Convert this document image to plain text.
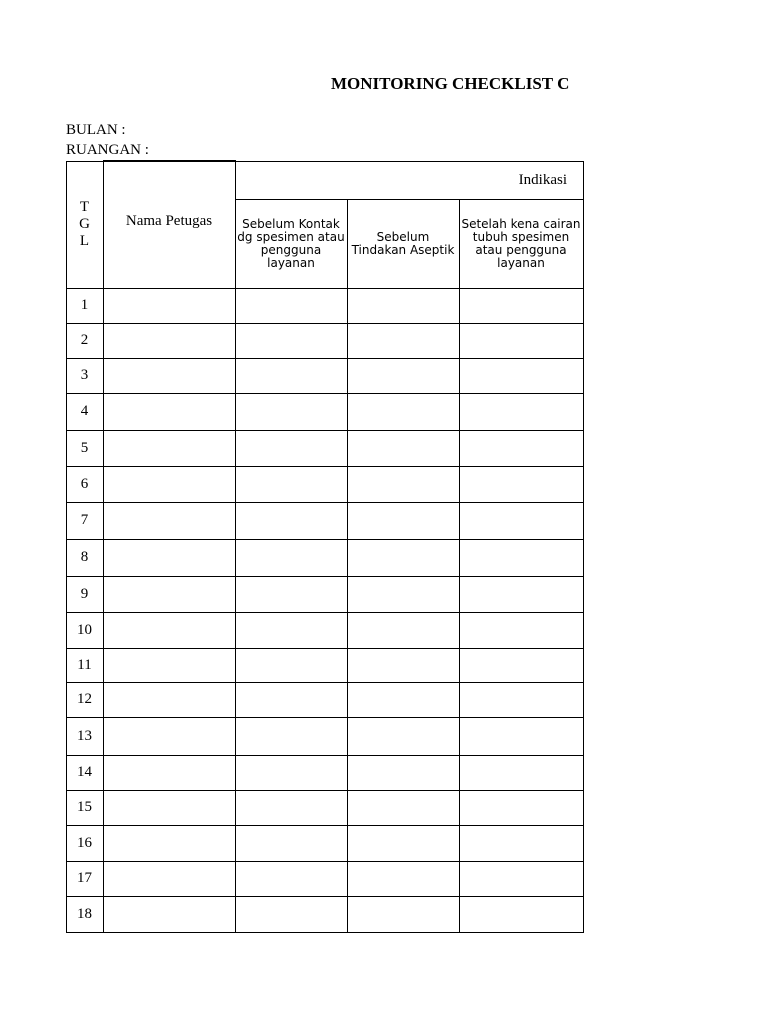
MONITORING CHECKLIST C
BULAN :
RUANGAN :
T
G
L
Nama Petugas
Indikasi
Sebelum Kontak dg spesimen atau pengguna layanan
Sebelum Tindakan Aseptik
Setelah kena cairan tubuh spesimen atau pengguna layanan
1
2
3
4
5
6
7
8
9
10
11
12
13
14
15
16
17
18
